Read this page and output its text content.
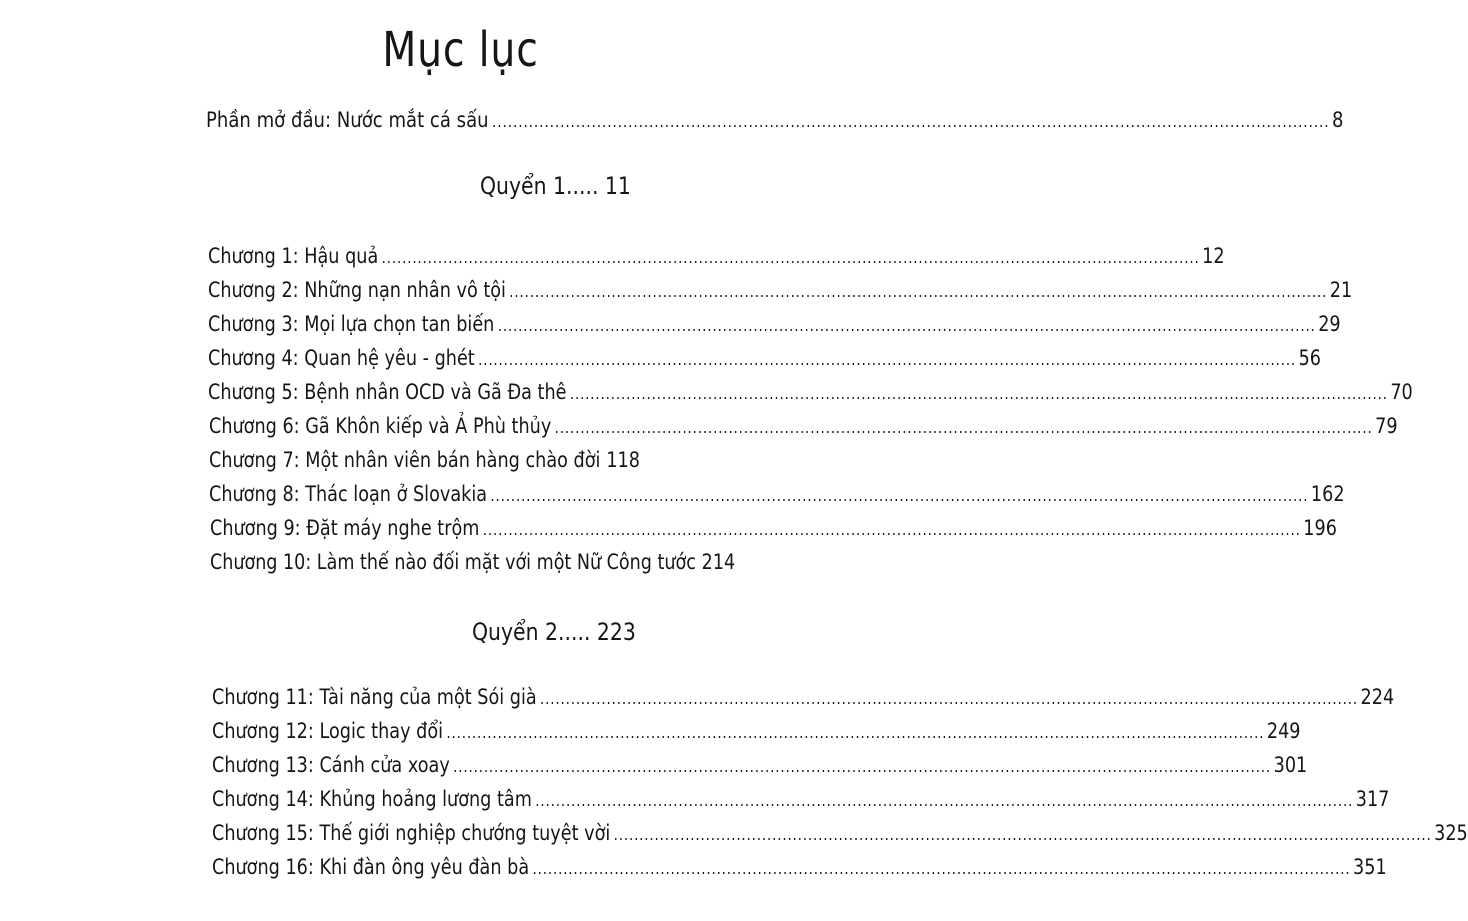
Mục lục
Phần mở đầu: Nước mắt cá sấu .....	8
Quyển 1..... 11
Chương 1: Hậu quả .....	12
Chương 2: Những nạn nhân vô tội .....	21
Chương 3: Mọi lựa chọn tan biến .....	29
Chương 4: Quan hệ yêu - ghét .....	56
Chương 5: Bệnh nhân OCD và Gã Đa thê .....	70
Chương 6: Gã Khôn kiếp và Ả Phù thủy .....	79
Chương 7: Một nhân viên bán hàng chào đời 118
Chương 8: Thác loạn ở Slovakia .....	162
Chương 9: Đặt máy nghe trộm .....	196
Chương 10: Làm thế nào đối mặt với một Nữ Công tước 214
Quyển 2..... 223
Chương 11: Tài năng của một Sói già .....	224
Chương 12: Logic thay đổi .....	249
Chương 13: Cánh cửa xoay .....	301
Chương 14: Khủng hoảng lương tâm .....	317
Chương 15: Thế giới nghiệp chướng tuyệt vời .....	325
Chương 16: Khi đàn ông yêu đàn bà .....	351
